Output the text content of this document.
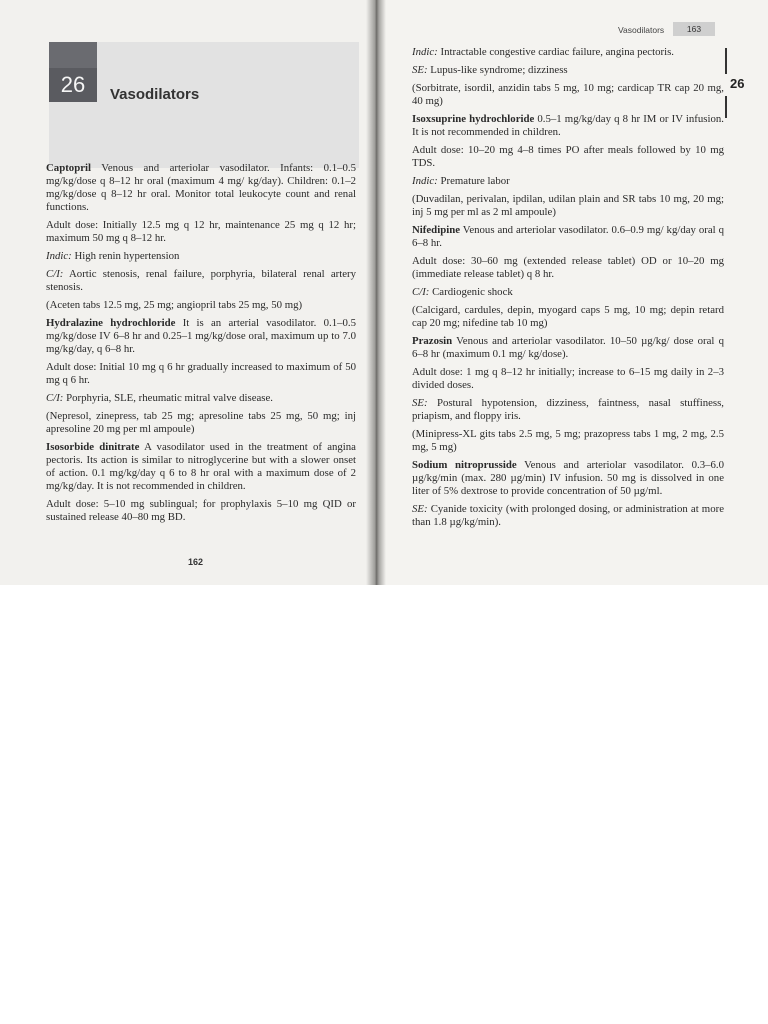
26	Vasodilators

Captopril Venous and arteriolar vasodilator. Infants: 0.1–0.5 mg/kg/dose q 8–12 hr oral (maximum 4 mg/ kg/day). Children: 0.1–2 mg/kg/dose q 8–12 hr oral. Monitor total leukocyte count and renal functions.

Adult dose: Initially 12.5 mg q 12 hr, maintenance 25 mg q 12 hr; maximum 50 mg q 8–12 hr.

Indic: High renin hypertension

C/I: Aortic stenosis, renal failure, porphyria, bilateral renal artery stenosis.

(Aceten tabs 12.5 mg, 25 mg; angiopril tabs 25 mg, 50 mg)

Hydralazine hydrochloride It is an arterial vasodilator. 0.1–0.5 mg/kg/dose IV 6–8 hr and 0.25–1 mg/kg/dose oral, maximum up to 7.0 mg/kg/day, q 6–8 hr.

Adult dose: Initial 10 mg q 6 hr gradually increased to maximum of 50 mg q 6 hr.

C/I: Porphyria, SLE, rheumatic mitral valve disease.

(Nepresol, zinepress, tab 25 mg; apresoline tabs 25 mg, 50 mg; inj apresoline 20 mg per ml ampoule)

Isosorbide dinitrate A vasodilator used in the treatment of angina pectoris. Its action is similar to nitroglycerine but with a slower onset of action. 0.1 mg/kg/day q 6 to 8 hr oral with a maximum dose of 2 mg/kg/day. It is not recommended in children.

Adult dose: 5–10 mg sublingual; for prophylaxis 5–10 mg QID or sustained release 40–80 mg BD.

162
Vasodilators	163
26

Indic: Intractable congestive cardiac failure, angina pectoris.

SE: Lupus-like syndrome; dizziness

(Sorbitrate, isordil, anzidin tabs 5 mg, 10 mg; cardicap TR cap 20 mg, 40 mg)

Isoxsuprine hydrochloride 0.5–1 mg/kg/day q 8 hr IM or IV infusion. It is not recommended in children.

Adult dose: 10–20 mg 4–8 times PO after meals followed by 10 mg TDS.

Indic: Premature labor

(Duvadilan, perivalan, ipdilan, udilan plain and SR tabs 10 mg, 20 mg; inj 5 mg per ml as 2 ml ampoule)

Nifedipine Venous and arteriolar vasodilator. 0.6–0.9 mg/ kg/day oral q 6–8 hr.

Adult dose: 30–60 mg (extended release tablet) OD or 10–20 mg (immediate release tablet) q 8 hr.

C/I: Cardiogenic shock

(Calcigard, cardules, depin, myogard caps 5 mg, 10 mg; depin retard cap 20 mg; nifedine tab 10 mg)

Prazosin Venous and arteriolar vasodilator. 10–50 µg/kg/ dose oral q 6–8 hr (maximum 0.1 mg/ kg/dose).

Adult dose: 1 mg q 8–12 hr initially; increase to 6–15 mg daily in 2–3 divided doses.

SE: Postural hypotension, dizziness, faintness, nasal stuffiness, priapism, and floppy iris.

(Minipress-XL gits tabs 2.5 mg, 5 mg; prazopress tabs 1 mg, 2 mg, 2.5 mg, 5 mg)

Sodium nitroprusside Venous and arteriolar vasodilator. 0.3–6.0 µg/kg/min (max. 280 µg/min) IV infusion. 50 mg is dissolved in one liter of 5% dextrose to provide concentration of 50 µg/ml.

SE: Cyanide toxicity (with prolonged dosing, or administration at more than 1.8 µg/kg/min).
